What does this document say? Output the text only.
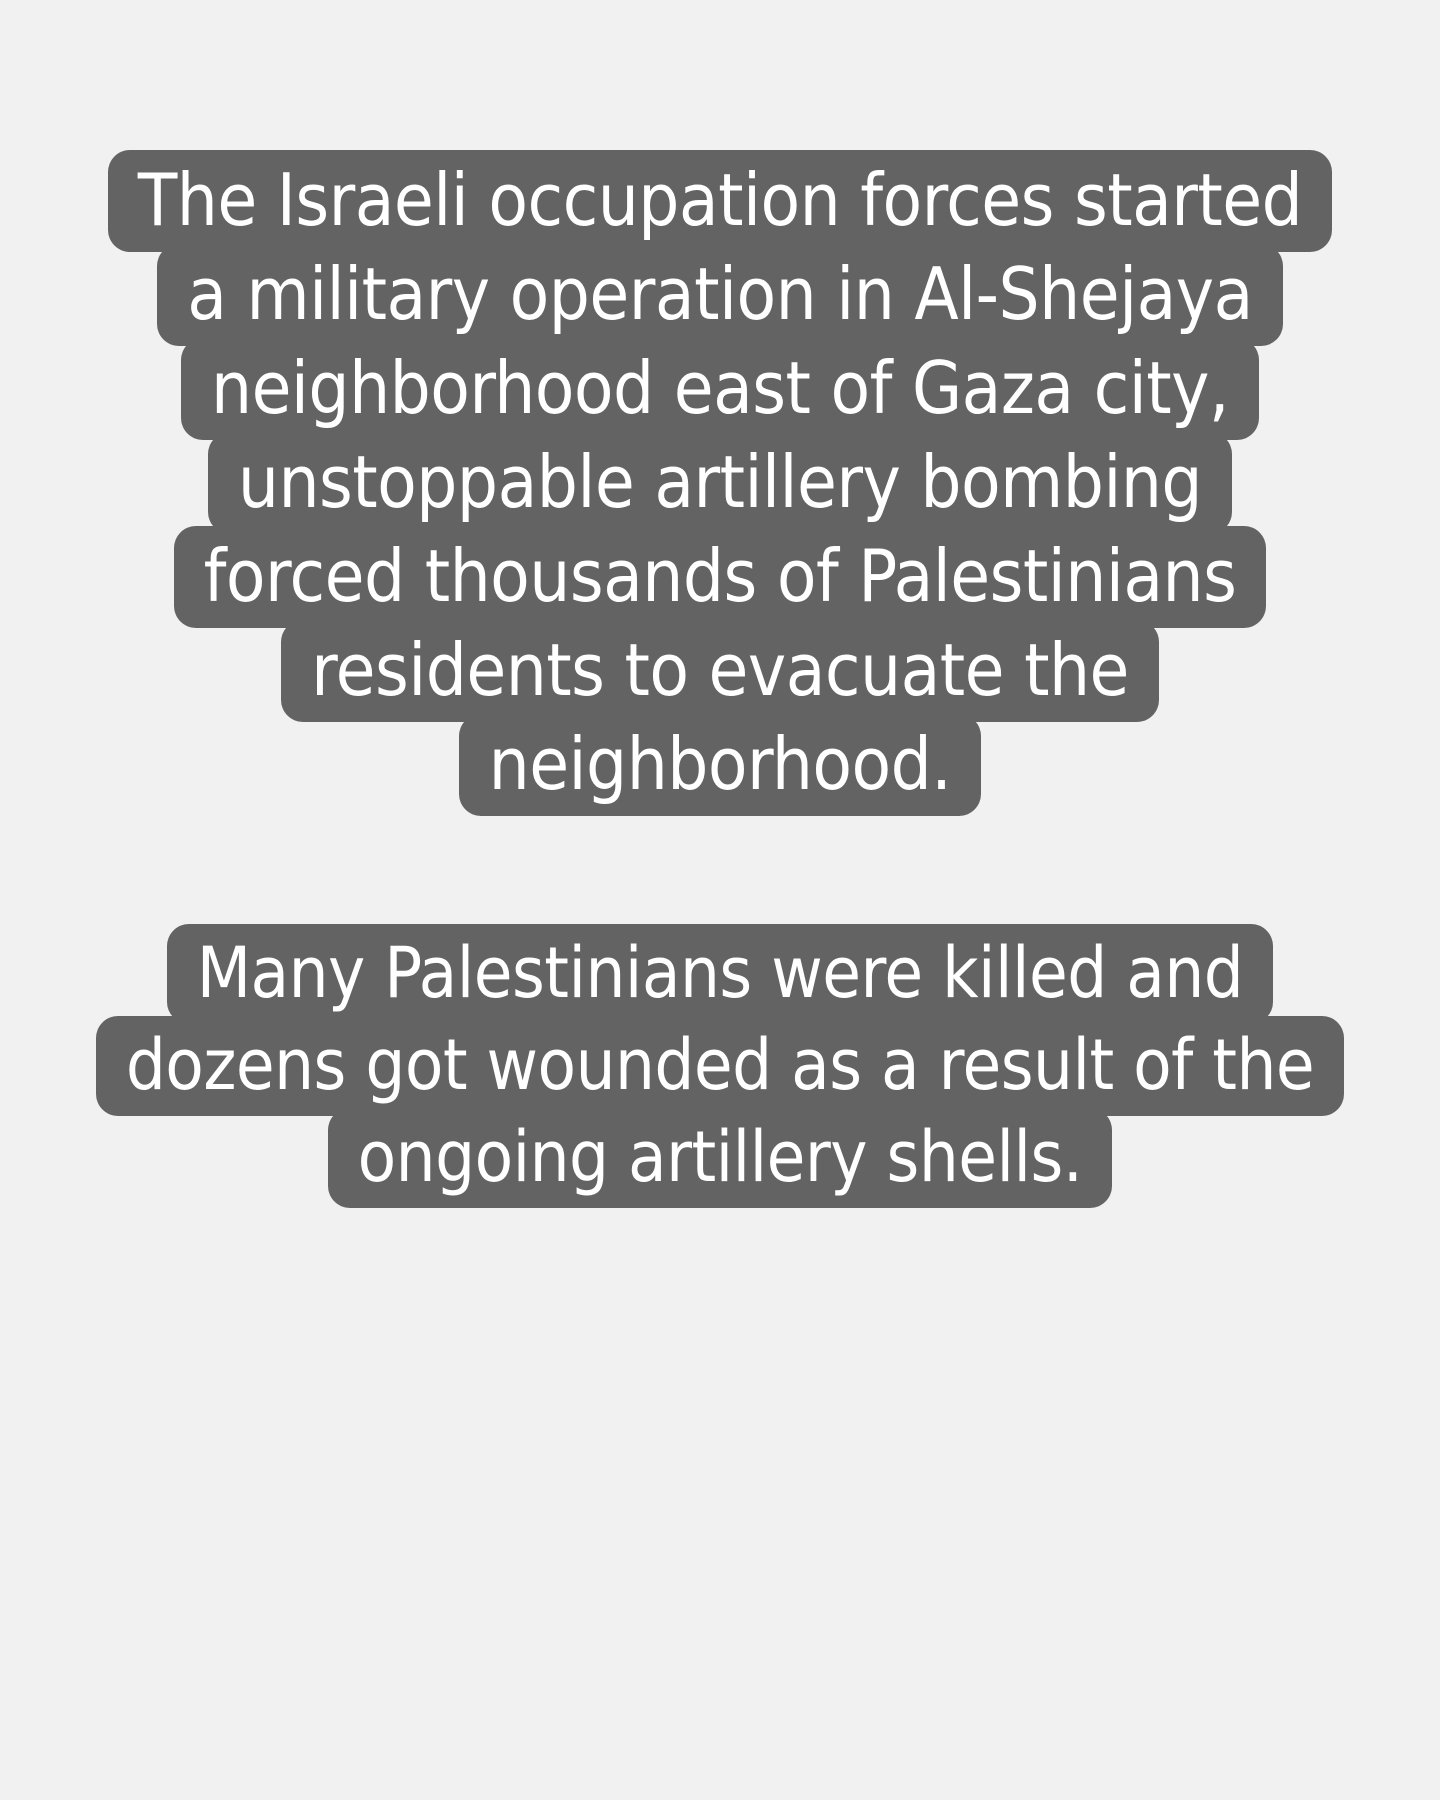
The Israeli occupation forces started
a military operation in Al-Shejaya
neighborhood east of Gaza city,
unstoppable artillery bombing
forced thousands of Palestinians
residents to evacuate the
neighborhood.
Many Palestinians were killed and
dozens got wounded as a result of the
ongoing artillery shells.
